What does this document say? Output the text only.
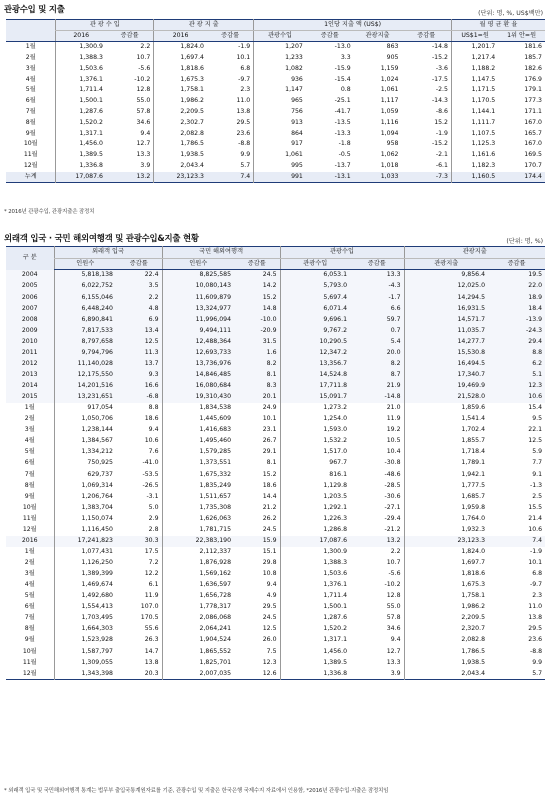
관광수입 및 지출	(단위: 명, %, US$백만)
	관 광 수 입		관 광 지 출		1인당 지출 액 (US$)				월 평 균 환 율	
	2016	증감률	2016	증감률	관광수입	증감률	관광지출	증감률	US$1=원	1위 안=원
1월	1,300.9	2.2	1,824.0	-1.9	1,207	-13.0	863	-14.8	1,201.7	181.6
2월	1,388.3	10.7	1,697.4	10.1	1,233	3.3	905	-15.2	1,217.4	185.7
3월	1,503.6	-5.6	1,818.6	6.8	1,082	-15.9	1,159	-3.6	1,188.2	182.6
4월	1,376.1	-10.2	1,675.3	-9.7	936	-15.4	1,024	-17.5	1,147.5	176.9
5월	1,711.4	12.8	1,758.1	2.3	1,147	0.8	1,061	-2.5	1,171.5	179.1
6월	1,500.1	55.0	1,986.2	11.0	965	-25.1	1,117	-14.3	1,170.5	177.3
7월	1,287.6	57.8	2,209.5	13.8	756	-41.7	1,059	-8.6	1,144.1	171.1
8월	1,520.2	34.6	2,302.7	29.5	913	-13.5	1,116	15.2	1,111.7	167.0
9월	1,317.1	9.4	2,082.8	23.6	864	-13.3	1,094	-1.9	1,107.5	165.7
10월	1,456.0	12.7	1,786.5	-8.8	917	-1.8	958	-15.2	1,125.3	167.0
11월	1,389.5	13.3	1,938.5	9.9	1,061	-0.5	1,062	-2.1	1,161.6	169.5
12월	1,336.8	3.9	2,043.4	5.7	995	-13.7	1,018	-6.1	1,182.3	170.7
누계	17,087.6	13.2	23,123.3	7.4	991	-13.1	1,033	-7.3	1,160.5	174.4
* 2016년 관광수입, 관광지출은 잠정치
외래객 입국 · 국민 해외여행객 및 관광수입&지출 현황	(단위: 명, %)
구 분	외래객 입국		국민 해외여행객		관광수입		관광지출	
	인원수	증감률	인원수	증감률	관광수입	증감률	관광지출	증감률
2004	5,818,138	22.4	8,825,585	24.5	6,053.1	13.3	9,856.4	19.5
2005	6,022,752	3.5	10,080,143	14.2	5,793.0	-4.3	12,025.0	22.0
2006	6,155,046	2.2	11,609,879	15.2	5,697.4	-1.7	14,294.5	18.9
2007	6,448,240	4.8	13,324,977	14.8	6,071.4	6.6	16,931.5	18.4
2008	6,890,841	6.9	11,996,094	-10.0	9,696.1	59.7	14,571.7	-13.9
2009	7,817,533	13.4	9,494,111	-20.9	9,767.2	0.7	11,035.7	-24.3
2010	8,797,658	12.5	12,488,364	31.5	10,290.5	5.4	14,277.7	29.4
2011	9,794,796	11.3	12,693,733	1.6	12,347.2	20.0	15,530.8	8.8
2012	11,140,028	13.7	13,736,976	8.2	13,356.7	8.2	16,494.5	6.2
2013	12,175,550	9.3	14,846,485	8.1	14,524.8	8.7	17,340.7	5.1
2014	14,201,516	16.6	16,080,684	8.3	17,711.8	21.9	19,469.9	12.3
2015	13,231,651	-6.8	19,310,430	20.1	15,091.7	-14.8	21,528.0	10.6
1월	917,054	8.8	1,834,538	24.9	1,273.2	21.0	1,859.6	15.4
2월	1,050,706	18.6	1,445,609	10.1	1,254.0	11.9	1,541.4	9.5
3월	1,238,144	9.4	1,416,683	23.1	1,593.0	19.2	1,702.4	22.1
4월	1,384,567	10.6	1,495,460	26.7	1,532.2	10.5	1,855.7	12.5
5월	1,334,212	7.6	1,579,285	29.1	1,517.0	10.4	1,718.4	5.9
6월	750,925	-41.0	1,373,551	8.1	967.7	-30.8	1,789.1	7.7
7월	629,737	-53.5	1,675,332	15.2	816.1	-48.6	1,942.1	9.1
8월	1,069,314	-26.5	1,835,249	18.6	1,129.8	-28.5	1,777.5	-1.3
9월	1,206,764	-3.1	1,511,657	14.4	1,203.5	-30.6	1,685.7	2.5
10월	1,383,704	5.0	1,735,308	21.2	1,292.1	-27.1	1,959.8	15.5
11월	1,150,074	2.9	1,626,063	26.2	1,226.3	-29.4	1,764.0	21.4
12월	1,116,450	2.8	1,781,715	24.5	1,286.8	-21.2	1,932.3	10.6
2016	17,241,823	30.3	22,383,190	15.9	17,087.6	13.2	23,123.3	7.4
1월	1,077,431	17.5	2,112,337	15.1	1,300.9	2.2	1,824.0	-1.9
2월	1,126,250	7.2	1,876,928	29.8	1,388.3	10.7	1,697.7	10.1
3월	1,389,399	12.2	1,569,162	10.8	1,503.6	-5.6	1,818.6	6.8
4월	1,469,674	6.1	1,636,597	9.4	1,376.1	-10.2	1,675.3	-9.7
5월	1,492,680	11.9	1,656,728	4.9	1,711.4	12.8	1,758.1	2.3
6월	1,554,413	107.0	1,778,317	29.5	1,500.1	55.0	1,986.2	11.0
7월	1,703,495	170.5	2,086,068	24.5	1,287.6	57.8	2,209.5	13.8
8월	1,664,303	55.6	2,064,241	12.5	1,520.2	34.6	2,320.7	29.5
9월	1,523,928	26.3	1,904,524	26.0	1,317.1	9.4	2,082.8	23.6
10월	1,587,797	14.7	1,865,552	7.5	1,456.0	12.7	1,786.5	-8.8
11월	1,309,055	13.8	1,825,701	12.3	1,389.5	13.3	1,938.5	9.9
12월	1,343,398	20.3	2,007,035	12.6	1,336.8	3.9	2,043.4	5.7
* 외래객 입국 및 국민해외여행객 통계는 법무부 출입국통계원자료를 기준, 관광수입 및 지출은 한국은행 국제수지 자료에서 인용함, *2016년 관광수입·지출은 잠정치임
